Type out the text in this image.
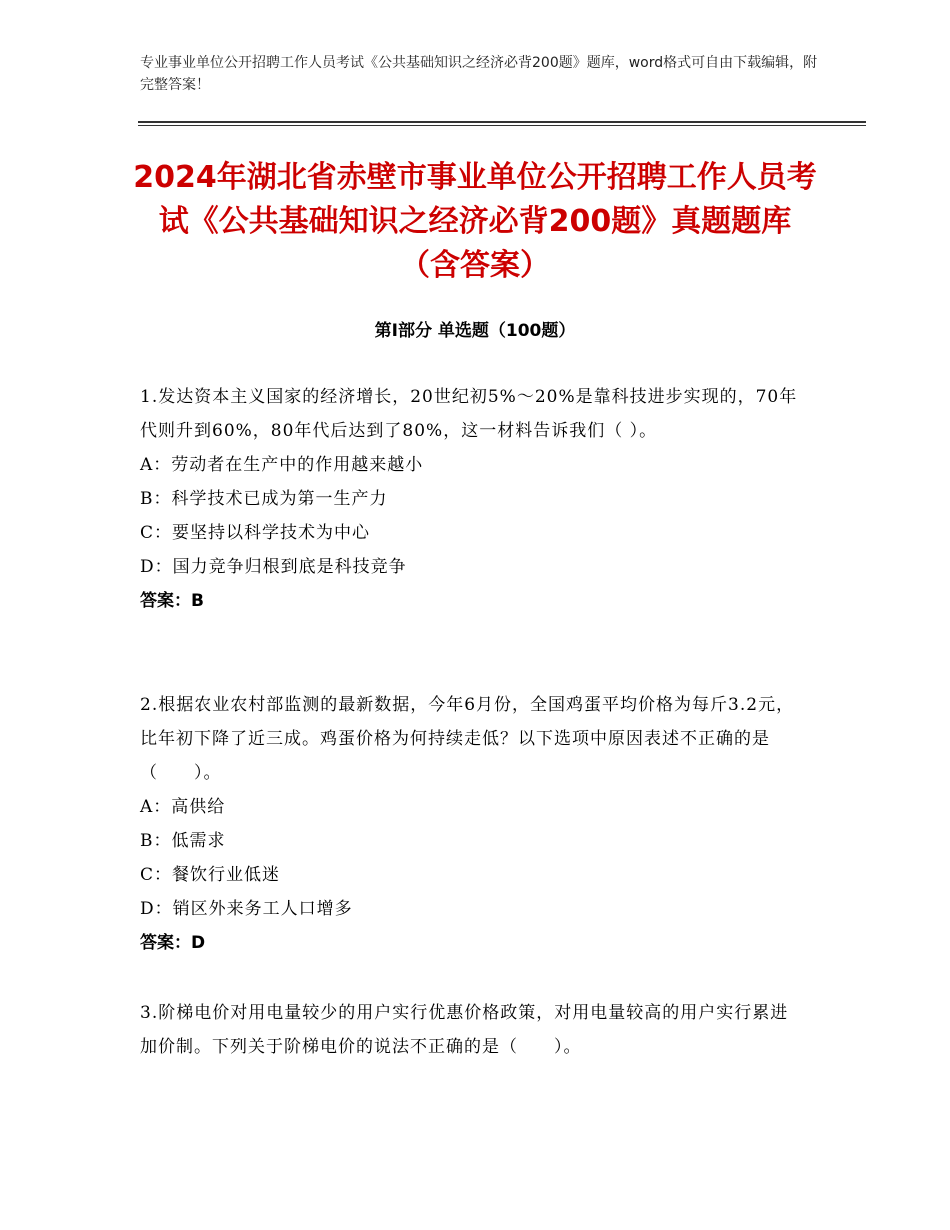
专业事业单位公开招聘工作人员考试《公共基础知识之经济必背200题》题库，word格式可自由下载编辑，附完整答案！
2024年湖北省赤壁市事业单位公开招聘工作人员考试《公共基础知识之经济必背200题》真题题库（含答案）
第Ⅰ部分 单选题（100题）
1.发达资本主义国家的经济增长，20世纪初5%～20%是靠科技进步实现的，70年代则升到60%，80年代后达到了80%，这一材料告诉我们（ ）。
A：劳动者在生产中的作用越来越小
B：科学技术已成为第一生产力
C：要坚持以科学技术为中心
D：国力竞争归根到底是科技竞争
答案：B
2.根据农业农村部监测的最新数据，今年6月份，全国鸡蛋平均价格为每斤3.2元，比年初下降了近三成。鸡蛋价格为何持续走低？以下选项中原因表述不正确的是（　　）。
A：高供给
B：低需求
C：餐饮行业低迷
D：销区外来务工人口增多
答案：D
3.阶梯电价对用电量较少的用户实行优惠价格政策，对用电量较高的用户实行累进加价制。下列关于阶梯电价的说法不正确的是（　　）。
